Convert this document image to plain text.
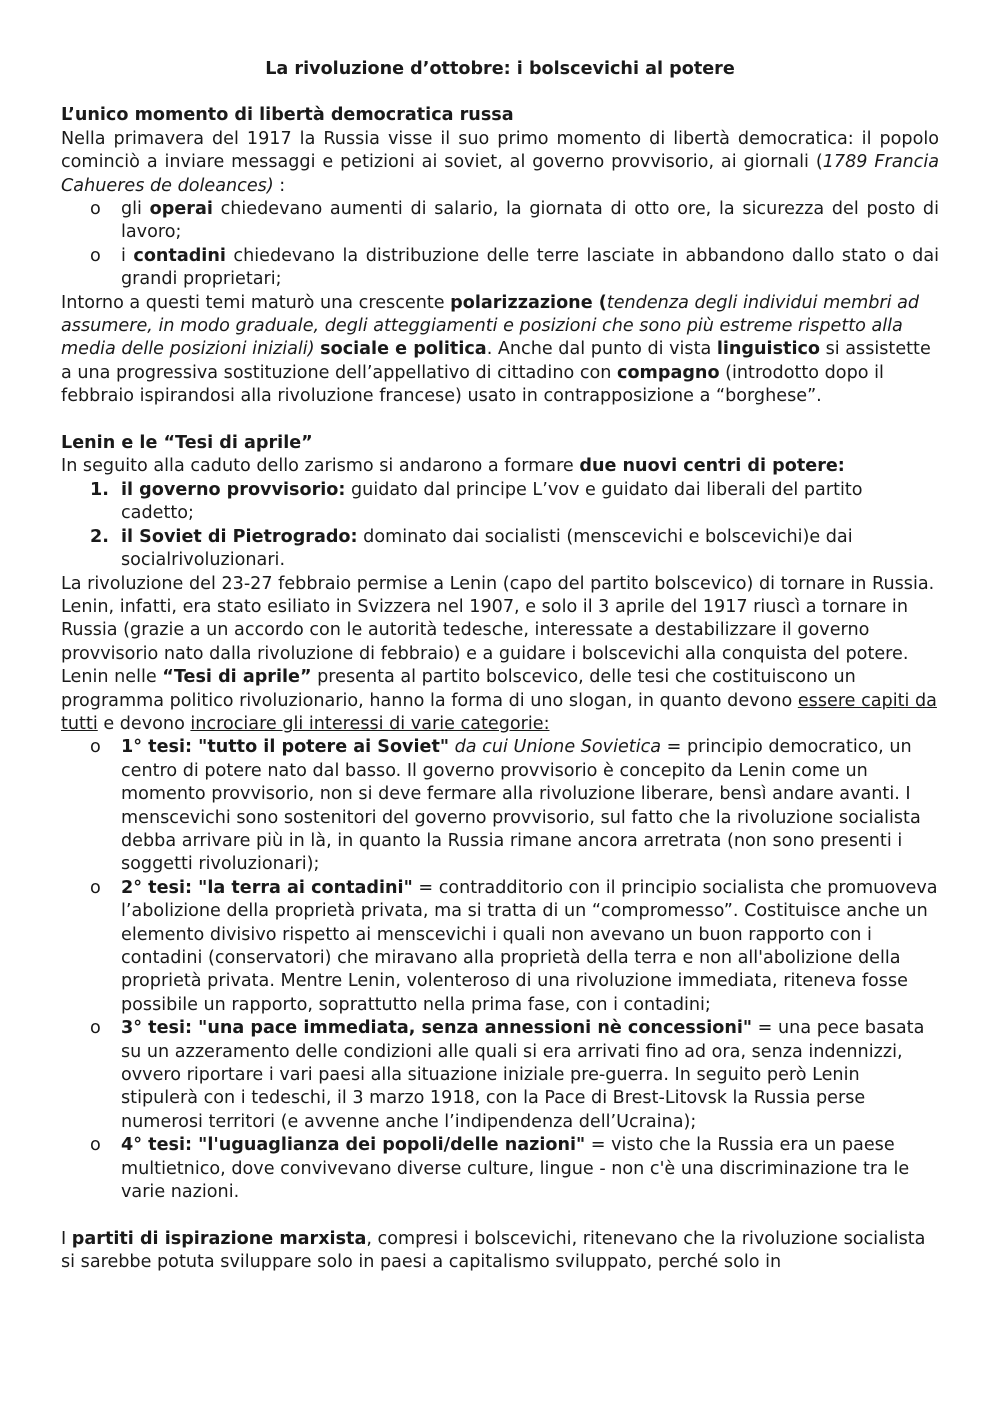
La rivoluzione d’ottobre: i bolscevichi al potere

L’unico momento di libertà democratica russa

Nella primavera del 1917 la Russia visse il suo primo momento di libertà democratica: il popolo cominciò a inviare messaggi e petizioni ai soviet, al governo provvisorio, ai giornali (1789 Francia Cahueres de doleances) :

o gli operai chiedevano aumenti di salario, la giornata di otto ore, la sicurezza del posto di lavoro;
o i contadini chiedevano la distribuzione delle terre lasciate in abbandono dallo stato o dai grandi proprietari;

Intorno a questi temi maturò una crescente polarizzazione (tendenza degli individui membri ad assumere, in modo graduale, degli atteggiamenti e posizioni che sono più estreme rispetto alla media delle posizioni iniziali) sociale e politica. Anche dal punto di vista linguistico si assistette a una progressiva sostituzione dell’appellativo di cittadino con compagno (introdotto dopo il febbraio ispirandosi alla rivoluzione francese) usato in contrapposizione a “borghese”.

Lenin e le “Tesi di aprile”

In seguito alla caduto dello zarismo si andarono a formare due nuovi centri di potere:

1. il governo provvisorio: guidato dal principe L’vov e guidato dai liberali del partito cadetto;
2. il Soviet di Pietrogrado: dominato dai socialisti (menscevichi e bolscevichi)e dai socialrivoluzionari.

La rivoluzione del 23-27 febbraio permise a Lenin (capo del partito bolscevico) di tornare in Russia. Lenin, infatti, era stato esiliato in Svizzera nel 1907, e solo il 3 aprile del 1917 riuscì a tornare in Russia (grazie a un accordo con le autorità tedesche, interessate a destabilizzare il governo provvisorio nato dalla rivoluzione di febbraio) e a guidare i bolscevichi alla conquista del potere.

Lenin nelle “Tesi di aprile” presenta al partito bolscevico, delle tesi che costituiscono un programma politico rivoluzionario, hanno la forma di uno slogan, in quanto devono essere capiti da tutti e devono incrociare gli interessi di varie categorie:

o 1° tesi: "tutto il potere ai Soviet" da cui Unione Sovietica = principio democratico, un centro di potere nato dal basso. Il governo provvisorio è concepito da Lenin come un momento provvisorio, non si deve fermare alla rivoluzione liberare, bensì andare avanti. I menscevichi sono sostenitori del governo provvisorio, sul fatto che la rivoluzione socialista debba arrivare più in là, in quanto la Russia rimane ancora arretrata (non sono presenti i soggetti rivoluzionari);
o 2° tesi: "la terra ai contadini" = contradditorio con il principio socialista che promuoveva l’abolizione della proprietà privata, ma si tratta di un “compromesso”. Costituisce anche un elemento divisivo rispetto ai menscevichi i quali non avevano un buon rapporto con i contadini (conservatori) che miravano alla proprietà della terra e non all'abolizione della proprietà privata. Mentre Lenin, volenteroso di una rivoluzione immediata, riteneva fosse possibile un rapporto, soprattutto nella prima fase, con i contadini;
o 3° tesi: "una pace immediata, senza annessioni nè concessioni" = una pece basata su un azzeramento delle condizioni alle quali si era arrivati fino ad ora, senza indennizzi, ovvero riportare i vari paesi alla situazione iniziale pre-guerra. In seguito però Lenin stipulerà con i tedeschi, il 3 marzo 1918, con la Pace di Brest-Litovsk la Russia perse numerosi territori (e avvenne anche l’indipendenza dell’Ucraina);
o 4° tesi: "l'uguaglianza dei popoli/delle nazioni" = visto che la Russia era un paese multietnico, dove convivevano diverse culture, lingue - non c'è una discriminazione tra le varie nazioni.

I partiti di ispirazione marxista, compresi i bolscevichi, ritenevano che la rivoluzione socialista si sarebbe potuta sviluppare solo in paesi a capitalismo sviluppato, perché solo in
